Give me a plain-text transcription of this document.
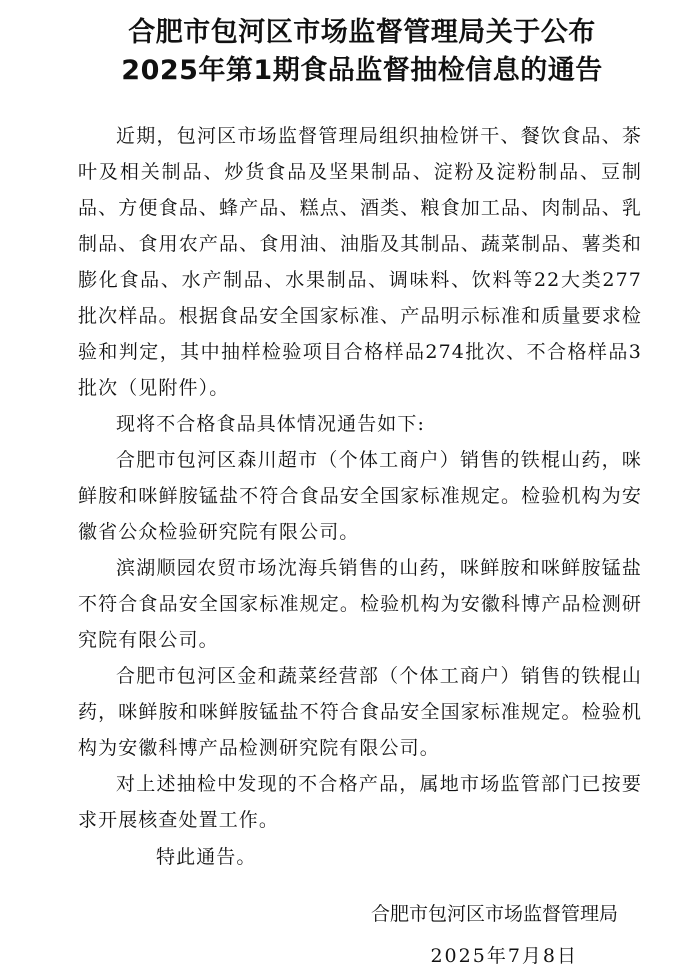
合肥市包河区市场监督管理局关于公布
2025年第1期食品监督抽检信息的通告

近期，包河区市场监督管理局组织抽检饼干、餐饮食品、茶叶及相关制品、炒货食品及坚果制品、淀粉及淀粉制品、豆制品、方便食品、蜂产品、糕点、酒类、粮食加工品、肉制品、乳制品、食用农产品、食用油、油脂及其制品、蔬菜制品、薯类和膨化食品、水产制品、水果制品、调味料、饮料等22大类277批次样品。根据食品安全国家标准、产品明示标准和质量要求检验和判定，其中抽样检验项目合格样品274批次、不合格样品3批次（见附件）。

现将不合格食品具体情况通告如下:

合肥市包河区森川超市（个体工商户）销售的铁棍山药，咪鲜胺和咪鲜胺锰盐不符合食品安全国家标准规定。检验机构为安徽省公众检验研究院有限公司。

滨湖顺园农贸市场沈海兵销售的山药，咪鲜胺和咪鲜胺锰盐不符合食品安全国家标准规定。检验机构为安徽科博产品检测研究院有限公司。

合肥市包河区金和蔬菜经营部（个体工商户）销售的铁棍山药，咪鲜胺和咪鲜胺锰盐不符合食品安全国家标准规定。检验机构为安徽科博产品检测研究院有限公司。

对上述抽检中发现的不合格产品，属地市场监管部门已按要求开展核查处置工作。

特此通告。

合肥市包河区市场监督管理局
2025年7月8日
